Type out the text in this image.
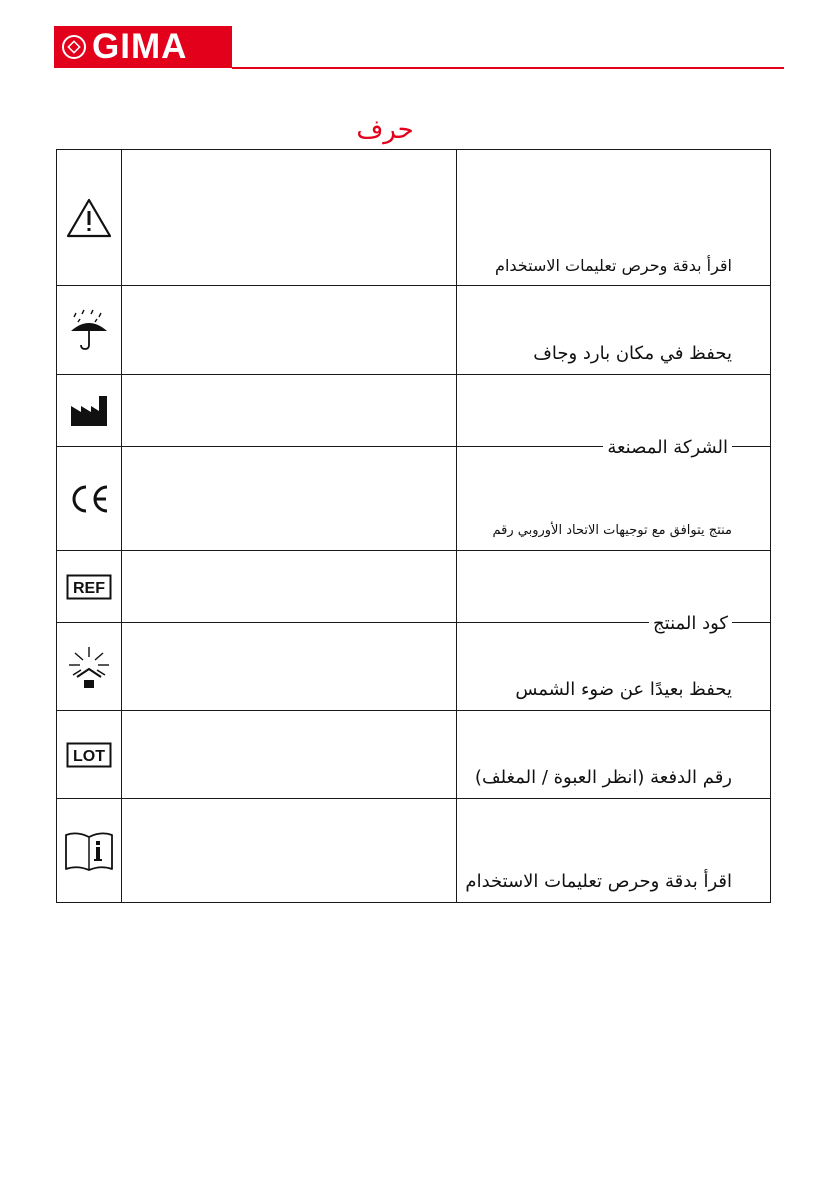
GIMA
حرف

اقرأ بدقة وحرص تعليمات الاستخدام

يحفظ في مكان بارد وجاف

الشركة المصنعة

منتج يتوافق مع توجيهات الاتحاد الأوروبي رقم

REF		كود المنتج

يحفظ بعيدًا عن ضوء الشمس

LOT		رقم الدفعة (انظر العبوة / المغلف)

اقرأ بدقة وحرص تعليمات الاستخدام
